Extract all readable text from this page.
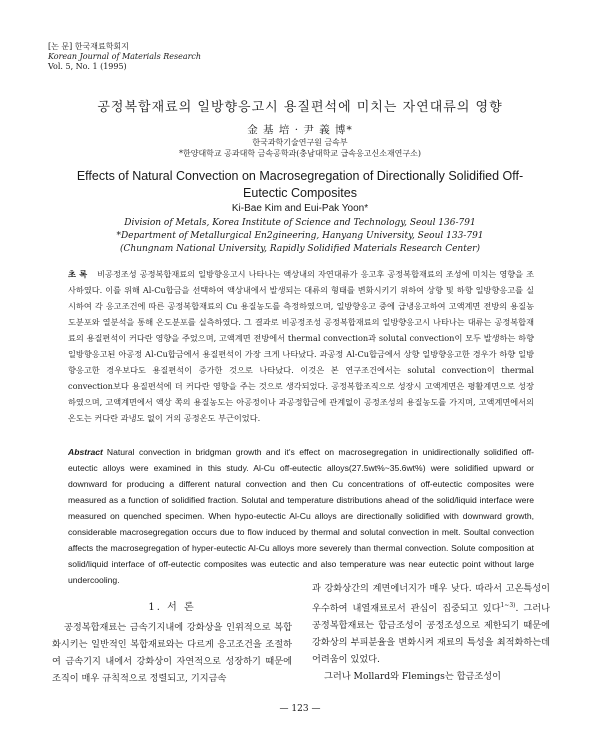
[논 문] 한국재료학회지
Korean Journal of Materials Research
Vol. 5, No. 1 (1995)
공정복합재료의 일방향응고시 용질편석에 미치는 자연대류의 영향
金 基 培 · 尹 義 博*
한국과학기술연구원 금속부
*한양대학교 공과대학 금속공학과(충남대학교 급속응고신소재연구소)
Effects of Natural Convection on Macrosegregation of Directionally Solidified Off-Eutectic Composites
Ki-Bae Kim and Eui-Pak Yoon*
Division of Metals, Korea Institute of Science and Technology, Seoul 136-791
*Department of Metallurgical En2gineering, Hanyang University, Seoul 133-791
(Chungnam National University, Rapidly Solidified Materials Research Center)
초 록 비공정조성 공정복합재료의 일방향응고시 나타나는 액상내의 자연대류가 응고후 공정복합재료의 조성에 미치는 영향을 조사하였다. 이를 위해 Al-Cu합금을 선택하여 액상내에서 발생되는 대류의 형태를 변화시키기 위하여 상향 및 하향 일방향응고를 실시하여 각 응고조건에 따른 공정복합재료의 Cu 용질농도를 측정하였으며, 일방향응고 중에 급냉응고하여 고액계면 전방의 용질농도분포와 열분석을 통해 온도분포를 실측하였다. 그 결과로 비공정조성 공정복합재료의 일방향응고시 나타나는 대류는 공정복합재료의 용질편석이 커다란 영향을 주었으며, 고액계면 전방에서 thermal convection과 solutal convection이 모두 발생하는 하향 일방향응고된 아공정 Al-Cu합금에서 용질편석이 가장 크게 나타났다. 과공정 Al-Cu합금에서 상향 일방향응고한 경우가 하향 일방향응고한 경우보다도 용질편석이 증가한 것으로 나타났다. 이것은 본 연구조건에서는 solutal convection이 thermal convection보다 용질편석에 더 커다란 영향을 주는 것으로 생각되었다. 공정복합조직으로 성장시 고액계면은 평활계면으로 성장하였으며, 고액계면에서 액상 쪽의 용질농도는 아공정이나 과공정합금에 관계없이 공정조성의 용질농도를 가지며, 고액계면에서의 온도는 커다란 과냉도 없이 거의 공정온도 부근이었다.
Abstract Natural convection in bridgman growth and it's effect on macrosegregation in unidirectionally solidified off-eutectic alloys were examined in this study. Al-Cu off-eutectic alloys(27.5wt%~35.6wt%) were solidified upward or downward for producing a different natural convection and then Cu concentrations of off-eutectic composites were measured as a function of solidified fraction. Solutal and temperature distributions ahead of the solid/liquid interface were measured on quenched specimen. When hypo-eutectic Al-Cu alloys are directionally solidified with downward growth, considerable macrosegregation occurs due to flow induced by thermal and solutal convection in melt. Soultal convection affects the macrosegregation of hyper-eutectic Al-Cu alloys more severely than thermal convection. Solute composition at solid/liquid interface of off-eutectic composites was eutectic and also temperature was near eutectic point without large undercooling.
1. 서 론

공정복합재료는 금속기지내에 강화상을 인위적으로 복합화시키는 일반적인 복합재료와는 다르게 응고조건을 조절하여 금속기지 내에서 강화상이 자연적으로 성장하기 때문에 조직이 매우 규칙적으로 정렬되고, 기지금속

과 강화상간의 계면에너지가 매우 낮다. 따라서 고온특성이 우수하여 내열재료로서 관심이 집중되고 있다$^{1\sim 3)}$. 그러나 공정복합재료는 합금조성이 공정조성으로 제한되기 때문에 강화상의 부피분율을 변화시켜 재료의 특성을 최적화하는데 어려움이 있었다.

그러나 Mollard와 Flemings는 합금조성이

— 123 —
